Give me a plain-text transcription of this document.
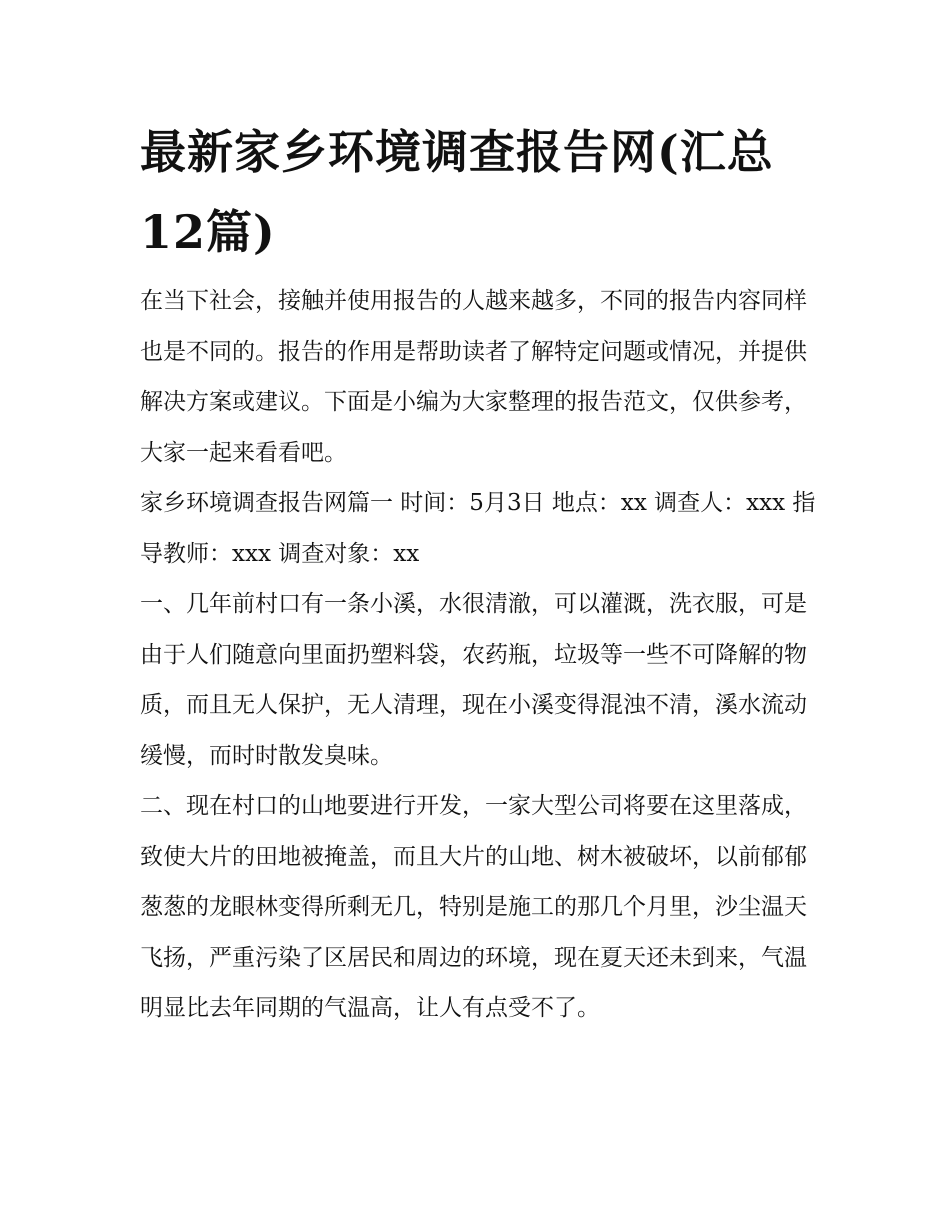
最新家乡环境调查报告网(汇总12篇)

在当下社会，接触并使用报告的人越来越多，不同的报告内容同样也是不同的。报告的作用是帮助读者了解特定问题或情况，并提供解决方案或建议。下面是小编为大家整理的报告范文，仅供参考，大家一起来看看吧。

家乡环境调查报告网篇一 时间：5月3日 地点：xx 调查人：xxx 指导教师：xxx 调查对象：xx

一、几年前村口有一条小溪，水很清澈，可以灌溉，洗衣服，可是由于人们随意向里面扔塑料袋，农药瓶，垃圾等一些不可降解的物质，而且无人保护，无人清理，现在小溪变得混浊不清，溪水流动缓慢，而时时散发臭味。

二、现在村口的山地要进行开发，一家大型公司将要在这里落成，致使大片的田地被掩盖，而且大片的山地、树木被破坏，以前郁郁葱葱的龙眼林变得所剩无几，特别是施工的那几个月里，沙尘温天飞扬，严重污染了区居民和周边的环境，现在夏天还未到来，气温明显比去年同期的气温高，让人有点受不了。
